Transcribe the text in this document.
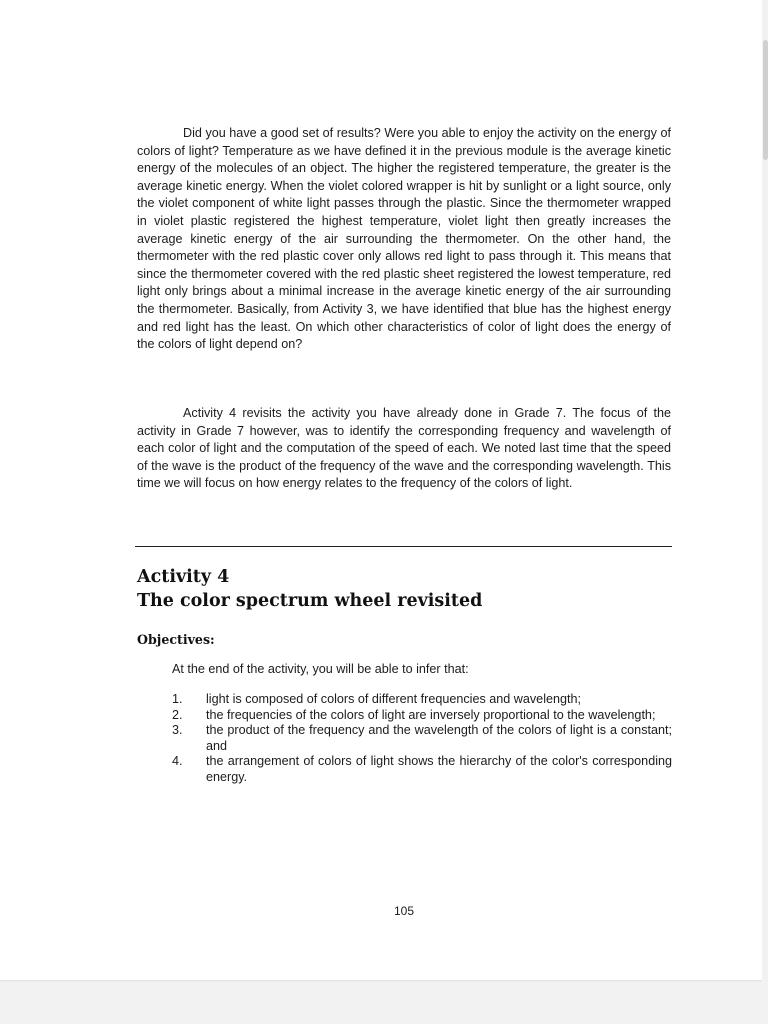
Did you have a good set of results? Were you able to enjoy the activity on the energy of colors of light? Temperature as we have defined it in the previous module is the average kinetic energy of the molecules of an object. The higher the registered temperature, the greater is the average kinetic energy. When the violet colored wrapper is hit by sunlight or a light source, only the violet component of white light passes through the plastic. Since the thermometer wrapped in violet plastic registered the highest temperature, violet light then greatly increases the average kinetic energy of the air surrounding the thermometer. On the other hand, the thermometer with the red plastic cover only allows red light to pass through it. This means that since the thermometer covered with the red plastic sheet registered the lowest temperature, red light only brings about a minimal increase in the average kinetic energy of the air surrounding the thermometer. Basically, from Activity 3, we have identified that blue has the highest energy and red light has the least. On which other characteristics of color of light does the energy of the colors of light depend on?

Activity 4 revisits the activity you have already done in Grade 7. The focus of the activity in Grade 7 however, was to identify the corresponding frequency and wavelength of each color of light and the computation of the speed of each. We noted last time that the speed of the wave is the product of the frequency of the wave and the corresponding wavelength. This time we will focus on how energy relates to the frequency of the colors of light.

Activity 4
The color spectrum wheel revisited
Objectives:

At the end of the activity, you will be able to infer that:

1.	light is composed of colors of different frequencies and wavelength;
2.	the frequencies of the colors of light are inversely proportional to the wavelength;
3.	the product of the frequency and the wavelength of the colors of light is a constant; and
4.	the arrangement of colors of light shows the hierarchy of the color's corresponding energy.
105
